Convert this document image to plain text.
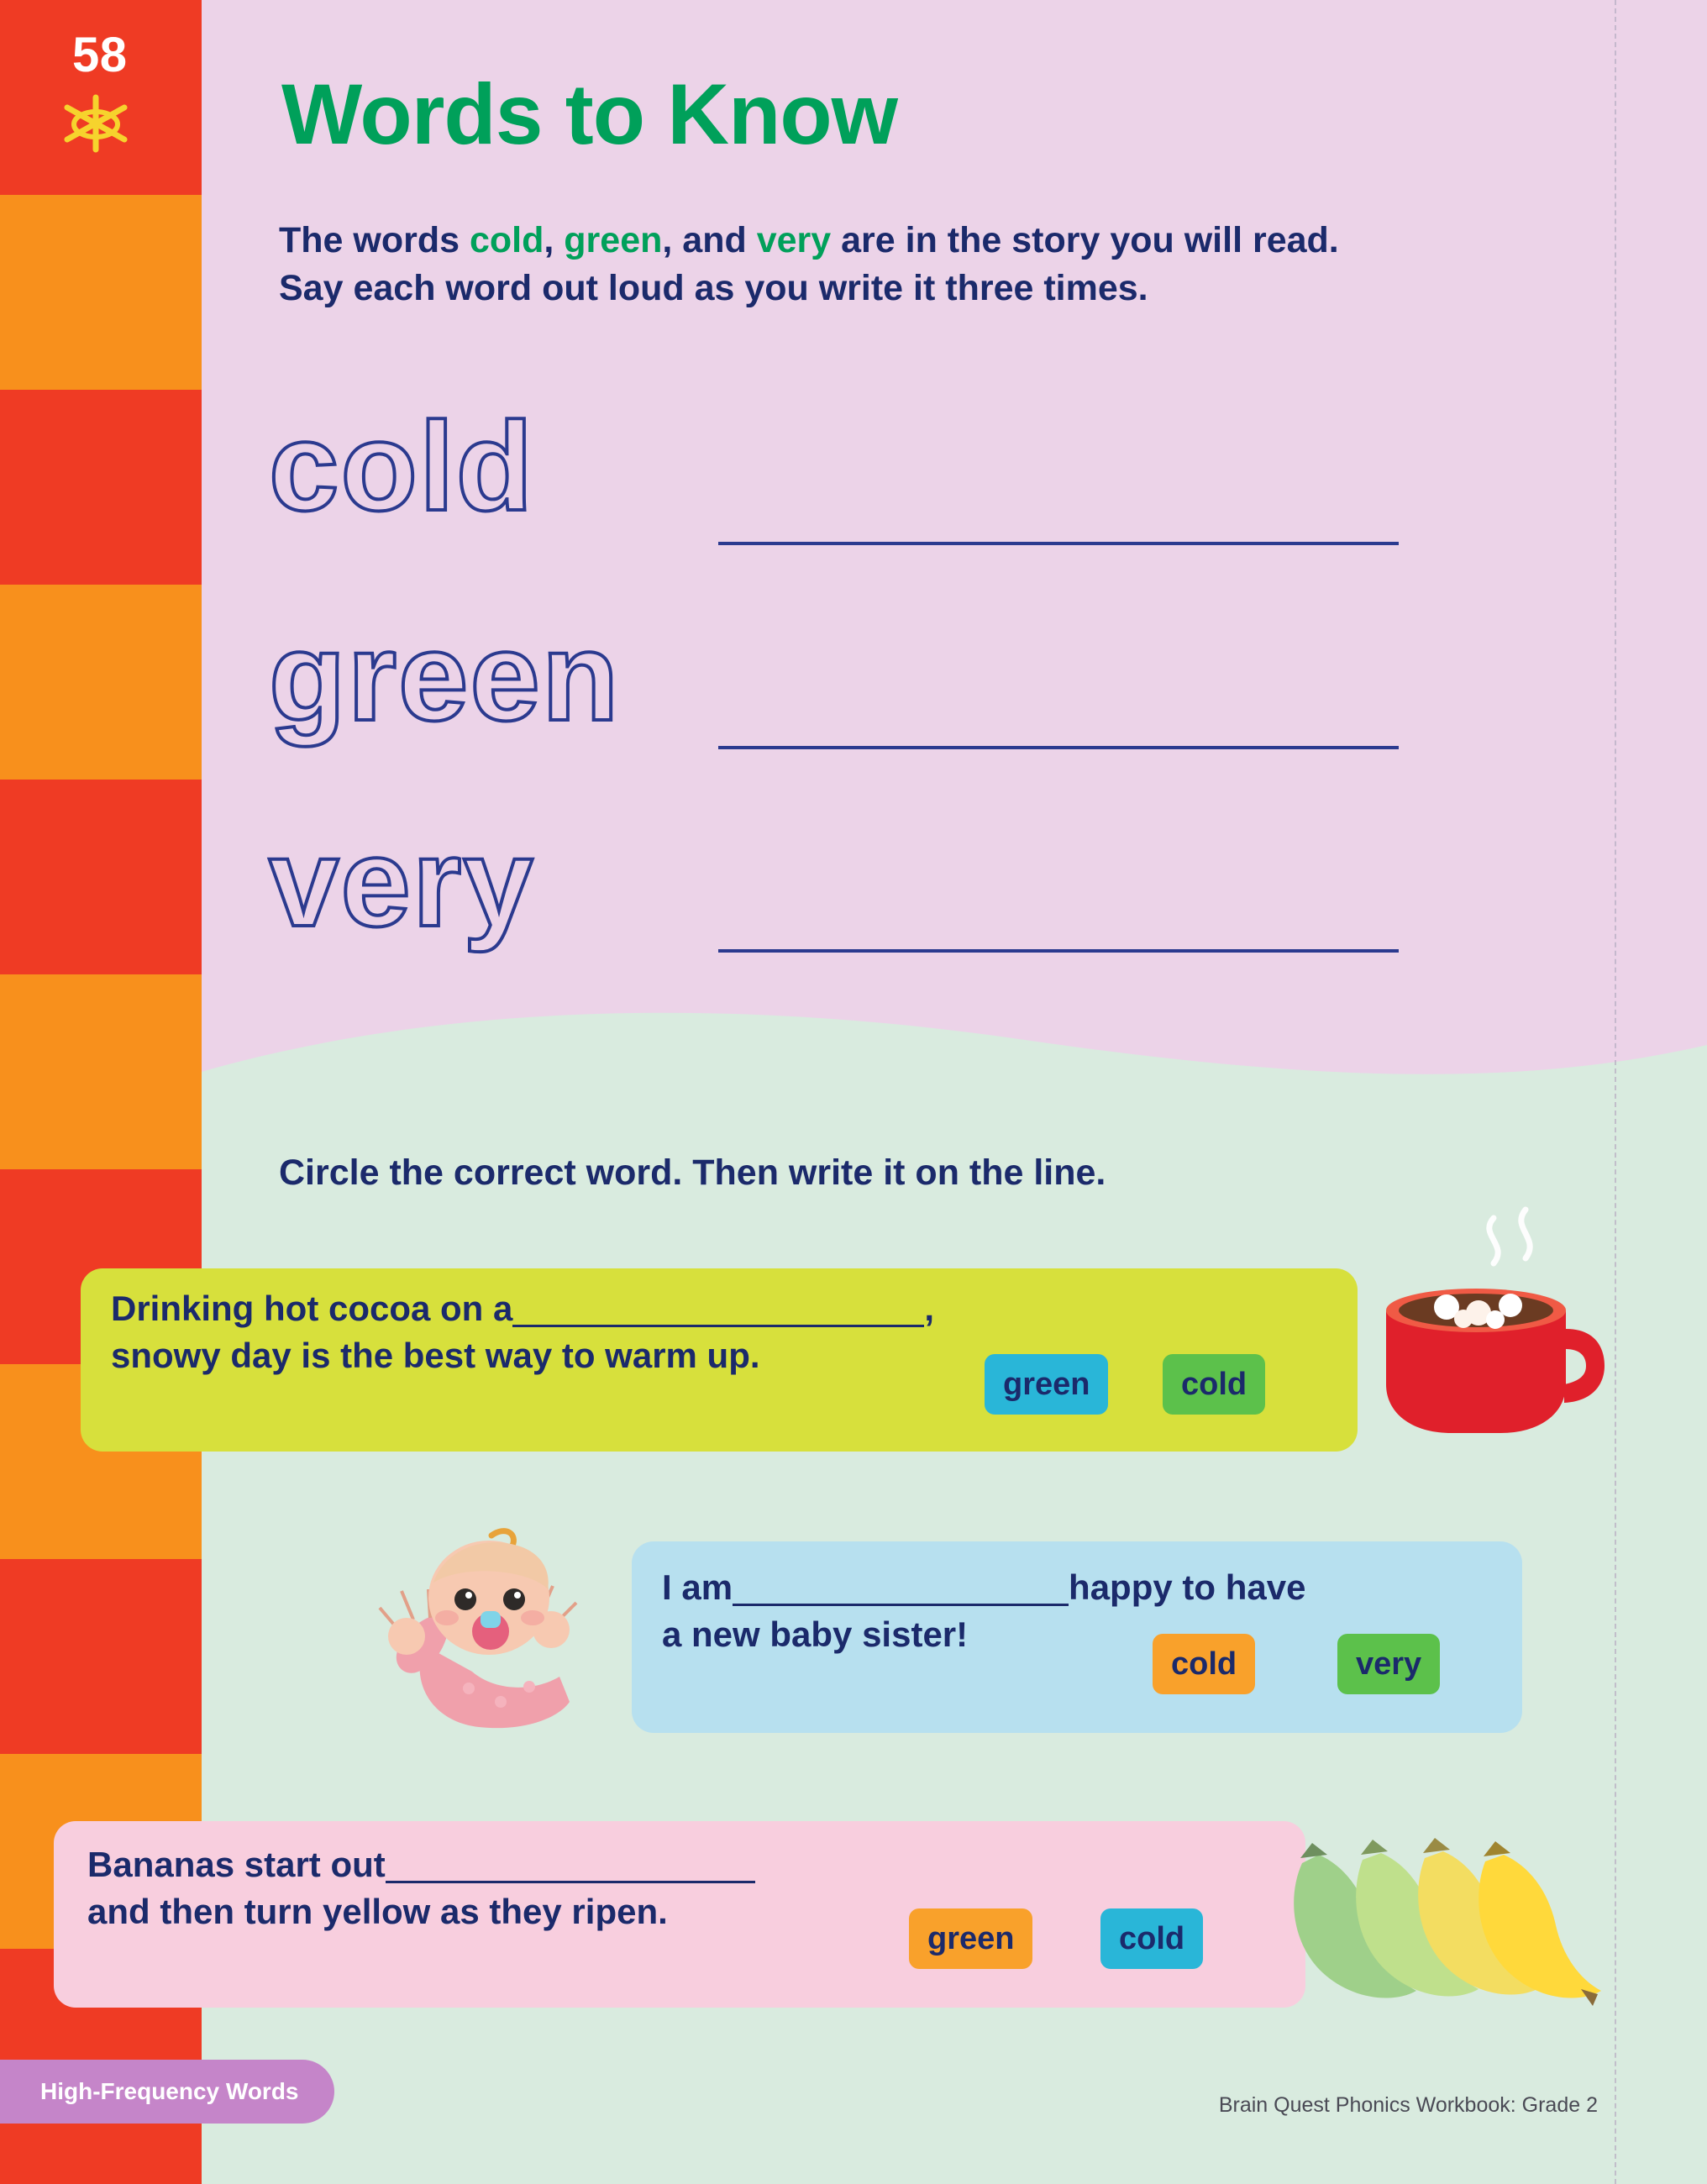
58
Words to Know
The words cold, green, and very are in the story you will read.
Say each word out loud as you write it three times.
cold
green
very
Circle the correct word. Then write it on the line.
Drinking hot cocoa on a	,
snowy day is the best way to warm up.
green	cold
I am	happy to have
a new baby sister!
cold	very
Bananas start out
and then turn yellow as they ripen.
green	cold
High-Frequency Words
Brain Quest Phonics Workbook: Grade 2
